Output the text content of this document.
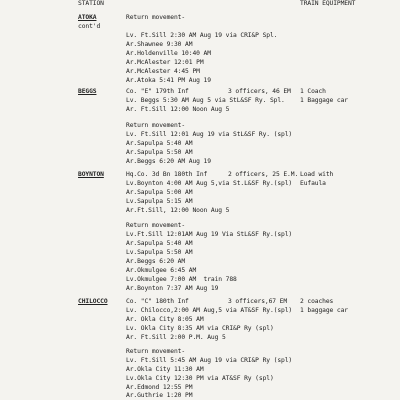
STATION	TRAIN EQUIPMENT
ATOKA
cont'd
Return movement-
Lv. Ft.Sill 2:30 AM Aug 19 via CRI&P Spl.
Ar.Shawnee 9:30 AM
Ar.Holdenville 10:40 AM
Ar.McAlester 12:01 PM
Ar.McAlester 4:45 PM
Ar.Atoka 5:41 PM Aug 19
BEGGS	Co. "E" 179th Inf	3 officers, 46 EM 1 Coach
1 Baggage car
Lv. Beggs 5:30 AM Aug 5 via StL&SF Ry. Spl.
Ar. Ft.Sill 12:00 Noon Aug 5
Return movement-
Lv. Ft.Sill 12:01 Aug 19 via StL&SF Ry. (spl)
Ar.Sapulpa 5:40 AM
Ar.Sapulpa 5:50 AM
Ar.Beggs 6:20 AM Aug 19
BOYNTON	Hq.Co. 3d Bn 180th Inf	2 officers, 25 E.M. Load with
Eufaula
Lv.Boynton 4:00 AM Aug 5,via St.L&SF Ry.(spl)
Ar.Sapulpa 5:00 AM
Lv.Sapulpa 5:15 AM
Ar.Ft.Sill, 12:00 Noon Aug 5
Return movement-
Lv.Ft.Sill 12:01AM Aug 19 Via StL&SF Ry.(spl)
Ar.Sapulpa 5:40 AM
Lv.Sapulpa 5:50 AM
Ar.Beggs 6:20 AM
Ar.Okmulgee 6:45 AM
Lv.Okmulgee 7:00 AM  train 788
Ar.Boynton 7:37 AM Aug 19
CHILOCCO	Co. "C" 180th Inf	3 officers,67 EM 2 coaches
1 baggage car
Lv. Chilocco,2:00 AM Aug,5 via AT&SF Ry.(spl)
Ar. Okla City 8:05 AM
Lv. Okla City 8:35 AM via CRI&P Ry (spl)
Ar. Ft.Sill 2:00 P.M. Aug 5
Return movement-
Lv. Ft.Sill 5:45 AM Aug 19 via CRI&P Ry (spl)
Ar.Okla City 11:30 AM
Lv.Okla City 12:30 PM via AT&SF Ry (spl)
Ar.Edmond 12:55 PM
Ar.Guthrie 1:20 PM
